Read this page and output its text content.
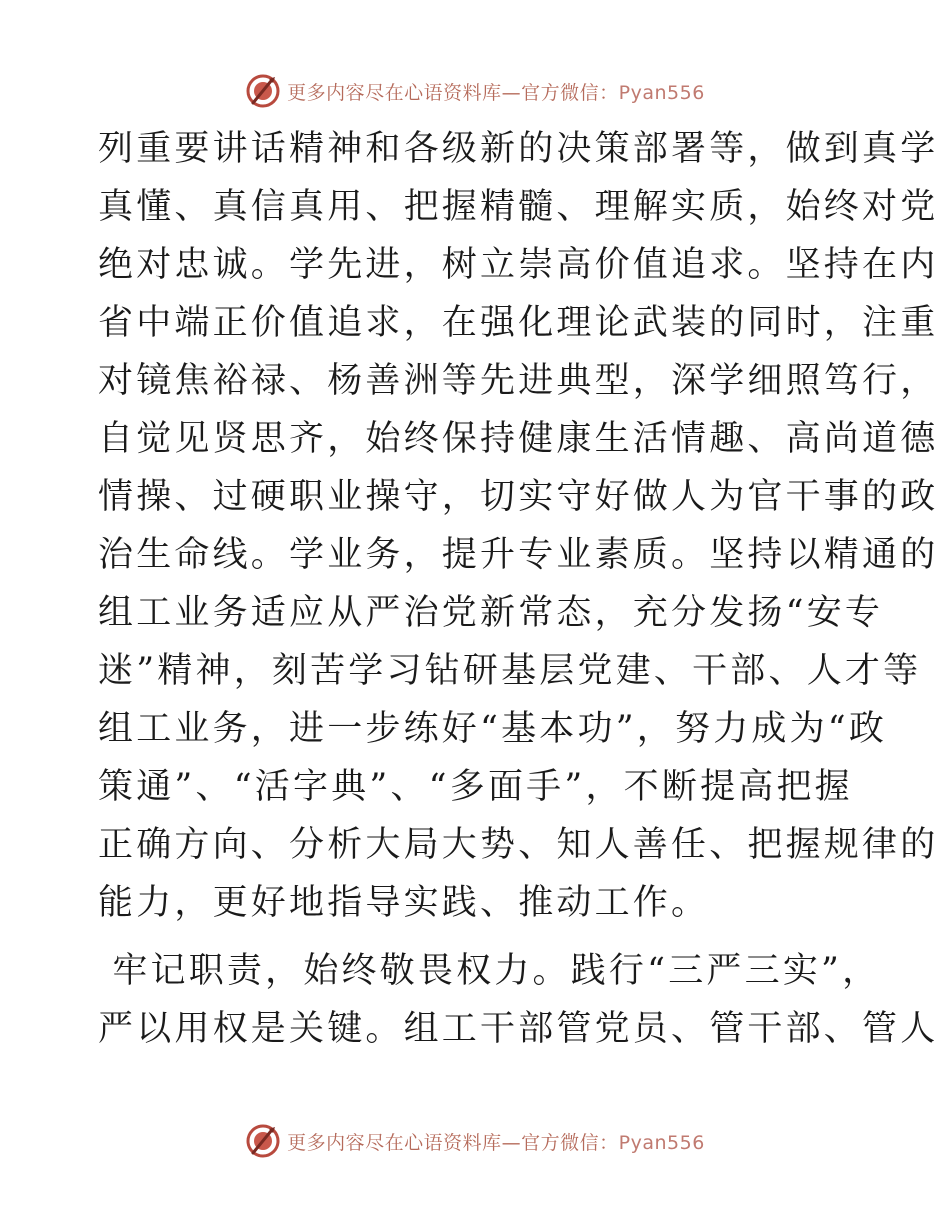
更多内容尽在心语资料库—官方微信：Pyan556
列重要讲话精神和各级新的决策部署等，做到真学
真懂、真信真用、把握精髓、理解实质，始终对党
绝对忠诚。学先进，树立崇高价值追求。坚持在内
省中端正价值追求，在强化理论武装的同时，注重
对镜焦裕禄、杨善洲等先进典型，深学细照笃行，
自觉见贤思齐，始终保持健康生活情趣、高尚道德
情操、过硬职业操守，切实守好做人为官干事的政
治生命线。学业务，提升专业素质。坚持以精通的
组工业务适应从严治党新常态，充分发扬“安专
迷”精神，刻苦学习钻研基层党建、干部、人才等
组工业务，进一步练好“基本功”，努力成为“政
策通”、“活字典”、“多面手”，不断提高把握
正确方向、分析大局大势、知人善任、把握规律的
能力，更好地指导实践、推动工作。
牢记职责，始终敬畏权力。践行“三严三实”，
严以用权是关键。组工干部管党员、管干部、管人
更多内容尽在心语资料库—官方微信：Pyan556
